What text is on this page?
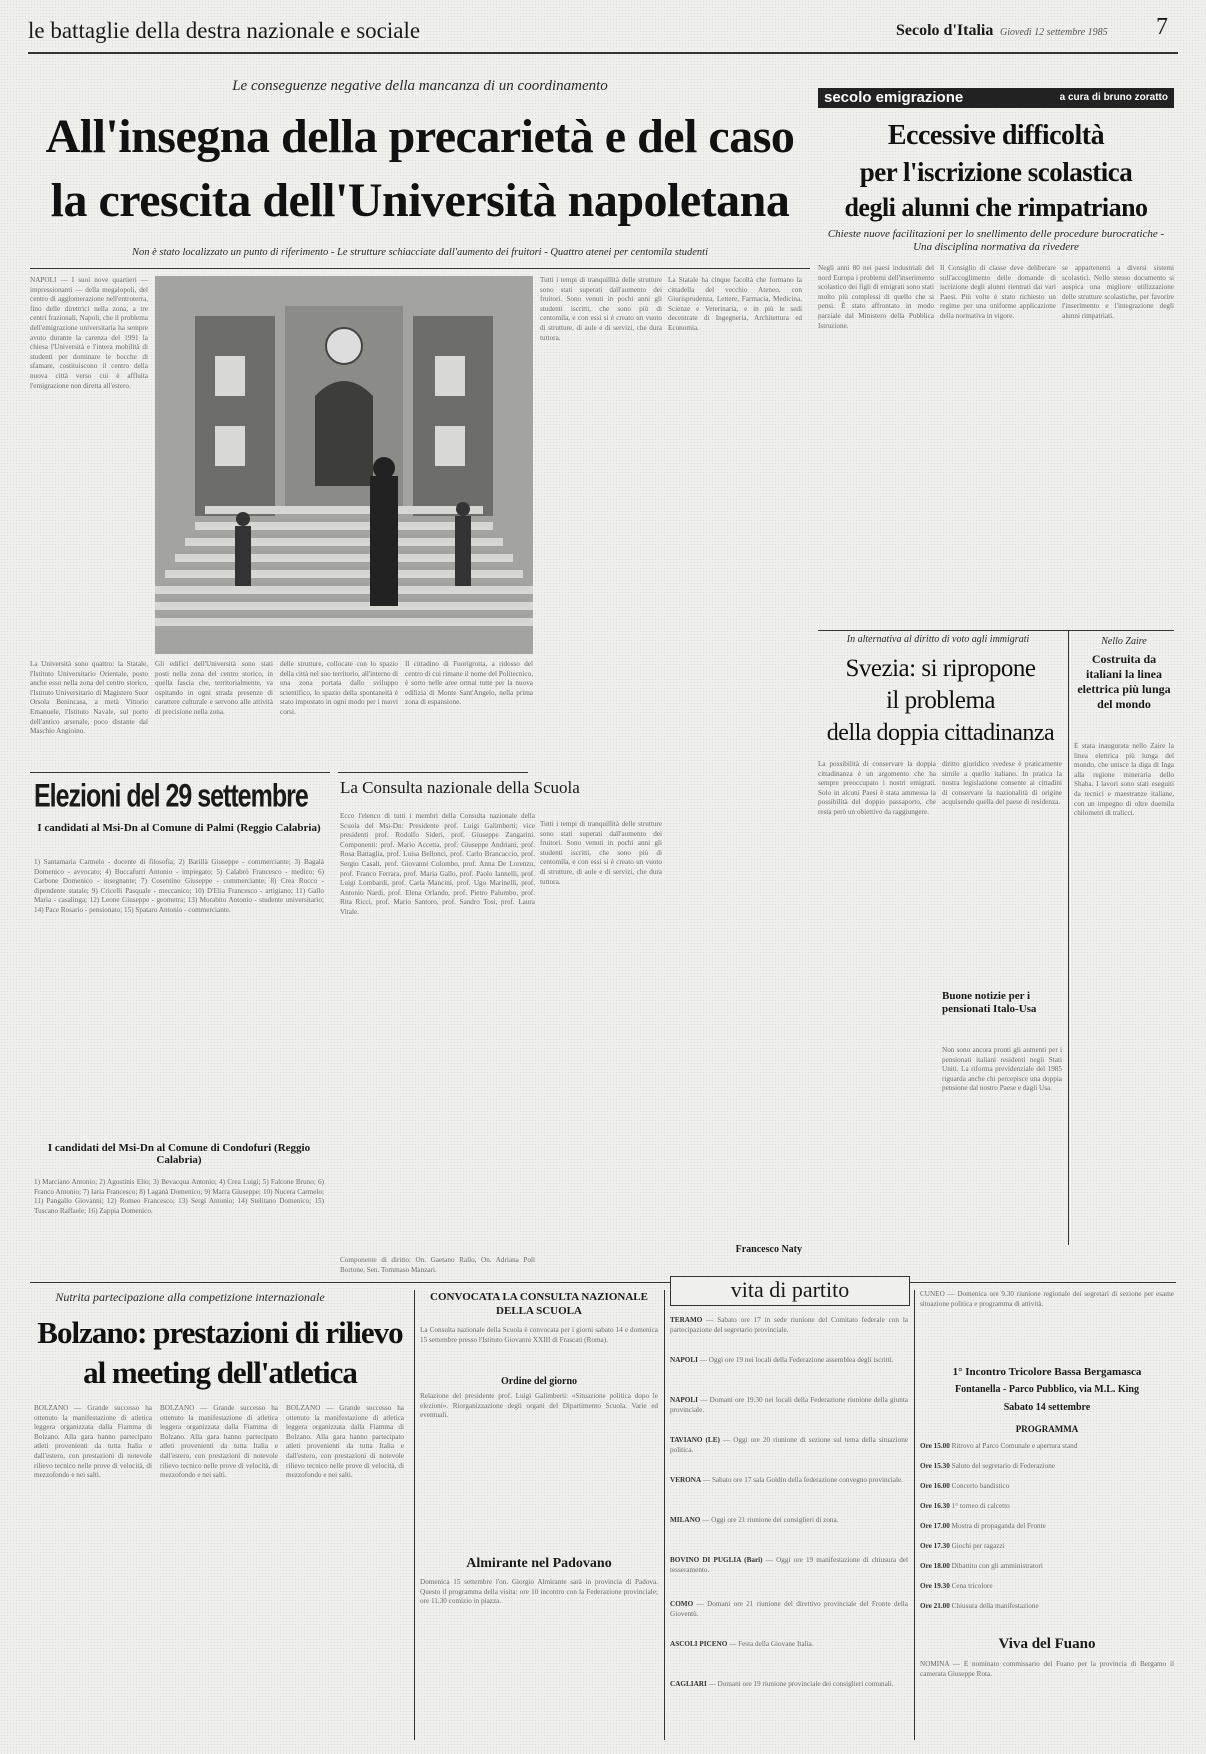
le battaglie della destra nazionale e sociale	Secolo d'Italia Giovedì 12 settembre 1985	7
Le conseguenze negative della mancanza di un coordinamento
All'insegna della precarietà e del caso
la crescita dell'Università napoletana
Non è stato localizzato un punto di riferimento - Le strutture schiacciate dall'aumento dei fruitori - Quattro atenei per centomila studenti
NAPOLI — I suoi nove quartieri — impressionanti — della megalopoli, del centro di agglomerazione nell'entroterra, fino delle direttrici nella zona, a tre centri frazionali, Napoli, che il problema dell'emigrazione universitaria ha sempre avuto durante la carenza del 1991 la chiesa l'Università e l'intera mobilità di studenti per dominare le bocche di sfamare, costituiscono il centro della nuova città verso cui è affluita l'emigrazione non diretta all'estero.
La Università sono quattro: la Statale, l'Istituto Universitario Orientale, posto anche esso nella zona del centro storico, l'Istituto Universitario di Magistero Suor Orsola Benincasa, a metà Vittorio Emanuele, l'Istituto Navale, sul porto dell'antico arsenale, poco distante dal Maschio Angioino.
Tutti i tempi di tranquillità delle strutture sono stati superati dall'aumento dei fruitori. Sono venuti in pochi anni gli studenti iscritti, che sono più di centomila, e con essi si è creato un vuoto di strutture, di aule e di servizi, che dura tuttora.
La Statale ha cinque facoltà che formano la cittadella del vecchio Ateneo, con Giurisprudenza, Lettere, Farmacia, Medicina, Scienze e Veterinaria, e in più le sedi decentrate di Ingegneria, Architettura ed Economia.
Tutti i tempi di tranquillità delle strutture sono stati superati dall'aumento dei fruitori. Sono venuti in pochi anni gli studenti iscritti, che sono più di centomila, e con essi si è creato un vuoto di strutture, di aule e di servizi, che dura tuttora.
Gli edifici dell'Università sono stati posti nella zona del centro storico, in quella fascia che, territorialmente, va ospitando in ogni strada presenze di carattere culturale e servono alle attività di precisione nella zona.
delle strutture, collocate con lo spazio della città nel suo territorio, all'interno di una zona portata dallo sviluppo scientifico, lo spazio della spontaneità è stato impostato in ogni modo per i nuovi corsi.
Il cittadino di Fuorigrotta, a ridosso del centro di cui rimane il nome del Politecnico, è sorto nelle aree ormai tutte per la nuova edilizia di Monte Sant'Angelo, nella prima zona di espansione.
Francesco Naty
Elezioni del 29 settembre
I candidati al Msi-Dn al Comune di Palmi (Reggio Calabria)
1) Santamaria Carmelo - docente di filosofia; 2) Barillà Giuseppe - commerciante; 3) Bagalà Domenico - avvocato; 4) Buccafurri Antonio - impiegato; 5) Calabrò Francesco - medico; 6) Carbone Domenico - insegnante; 7) Cosentino Giuseppe - commerciante; 8) Crea Rocco - dipendente statale; 9) Cricelli Pasquale - meccanico; 10) D'Elia Francesco - artigiano; 11) Gallo Maria - casalinga; 12) Leone Giuseppe - geometra; 13) Morabito Antonio - studente universitario; 14) Pace Rosario - pensionato; 15) Spataro Antonio - commerciante.
I candidati del Msi-Dn al Comune di Condofuri (Reggio Calabria)
1) Marciano Antonio; 2) Agostinis Elio; 3) Bevacqua Antonio; 4) Crea Luigi; 5) Falcone Bruno; 6) Franco Antonio; 7) Iaria Francesco; 8) Laganà Domenico; 9) Marra Giuseppe; 10) Nucera Carmelo; 11) Pangallo Giovanni; 12) Romeo Francesco; 13) Sergi Antonio; 14) Stelitano Domenico; 15) Tuscano Raffaele; 16) Zappia Domenico.
La Consulta nazionale della Scuola
Ecco l'elenco di tutti i membri della Consulta nazionale della Scuola del Msi-Dn: Presidente prof. Luigi Galimberti; vice presidenti prof. Rodolfo Sideri, prof. Giuseppe Zangarini. Componenti: prof. Mario Accetta, prof. Giuseppe Andriani, prof. Rosa Battaglia, prof. Luisa Bellonci, prof. Carlo Brancaccio, prof. Sergio Casali, prof. Giovanni Colombo, prof. Anna De Lorenzo, prof. Franco Ferrara, prof. Maria Gallo, prof. Paolo Iannelli, prof. Luigi Lombardi, prof. Carla Mancini, prof. Ugo Marinelli, prof. Antonio Nardi, prof. Elena Orlando, prof. Pietro Palumbo, prof. Rita Ricci, prof. Mario Santoro, prof. Sandro Tosi, prof. Laura Vitale.
Componente di diritto: On. Gaetano Rallo, On. Adriana Poli Bortone, Sen. Tommaso Manzari.
secolo emigrazione	a cura di bruno zoratto
Eccessive difficoltà
per l'iscrizione scolastica
degli alunni che rimpatriano
Chieste nuove facilitazioni per lo snellimento delle procedure burocratiche - Una disciplina normativa da rivedere
Negli anni 80 nei paesi industriali del nord Europa i problemi dell'inserimento scolastico dei figli di emigrati sono stati molto più complessi di quello che si pensi. È stato affrontato in modo parziale dal Ministero della Pubblica Istruzione.
Il Consiglio di classe deve deliberare sull'accoglimento delle domande di iscrizione degli alunni rientrati dai vari Paesi. Più volte è stato richiesto un regime per una uniforme applicazione della normativa in vigore.
se appartenenti a diversi sistemi scolastici. Nello stesso documento si auspica una migliore utilizzazione delle strutture scolastiche, per favorire l'inserimento e l'integrazione degli alunni rimpatriati.
In alternativa al diritto di voto agli immigrati
Svezia: si ripropone
il problema
della doppia cittadinanza
La possibilità di conservare la doppia cittadinanza è un argomento che ha sempre preoccupato i nostri emigrati. Solo in alcuni Paesi è stata ammessa la possibilità del doppio passaporto, che resta però un obiettivo da raggiungere.
diritto giuridico svedese è praticamente simile a quello italiano. In pratica la nostra legislazione consente ai cittadini di conservare la nazionalità di origine acquisendo quella del paese di residenza.
Buone notizie per i pensionati Italo-Usa
Non sono ancora pronti gli aumenti per i pensionati italiani residenti negli Stati Uniti. La riforma previdenziale del 1985 riguarda anche chi percepisce una doppia pensione dal nostro Paese e dagli Usa.
Nello Zaire
Costruita da italiani la linea elettrica più lunga del mondo
È stata inaugurata nello Zaire la linea elettrica più lunga del mondo, che unisce la diga di Inga alla regione mineraria dello Shaba. I lavori sono stati eseguiti da tecnici e maestranze italiane, con un impegno di oltre duemila chilometri di tralicci.
Nutrita partecipazione alla competizione internazionale
Bolzano: prestazioni di rilievo
al meeting dell'atletica
BOLZANO — Grande successo ha ottenuto la manifestazione di atletica leggera organizzata dalla Fiamma di Bolzano. Alla gara hanno partecipato atleti provenienti da tutta Italia e dall'estero, con prestazioni di notevole rilievo tecnico nelle prove di velocità, di mezzofondo e nei salti.
BOLZANO — Grande successo ha ottenuto la manifestazione di atletica leggera organizzata dalla Fiamma di Bolzano. Alla gara hanno partecipato atleti provenienti da tutta Italia e dall'estero, con prestazioni di notevole rilievo tecnico nelle prove di velocità, di mezzofondo e nei salti.
BOLZANO — Grande successo ha ottenuto la manifestazione di atletica leggera organizzata dalla Fiamma di Bolzano. Alla gara hanno partecipato atleti provenienti da tutta Italia e dall'estero, con prestazioni di notevole rilievo tecnico nelle prove di velocità, di mezzofondo e nei salti.
CONVOCATA LA CONSULTA NAZIONALE DELLA SCUOLA
La Consulta nazionale della Scuola è convocata per i giorni sabato 14 e domenica 15 settembre presso l'Istituto Giovanni XXIII di Frascati (Roma).
Ordine del giorno
Relazione del presidente prof. Luigi Galimberti: «Situazione politica dopo le elezioni». Riorganizzazione degli organi del Dipartimento Scuola. Varie ed eventuali.
Almirante nel Padovano
Domenica 15 settembre l'on. Giorgio Almirante sarà in provincia di Padova. Questo il programma della visita: ore 10 incontro con la Federazione provinciale; ore 11.30 comizio in piazza.
vita di partito
TERAMO — Sabato ore 17 in sede riunione del Comitato federale con la partecipazione del segretario provinciale.
NAPOLI — Oggi ore 19 nei locali della Federazione assemblea degli iscritti.
NAPOLI — Domani ore 19.30 nei locali della Federazione riunione della giunta provinciale.
TAVIANO (LE) — Oggi ore 20 riunione di sezione sul tema della situazione politica.
VERONA — Sabato ore 17 sala Goldin della federazione convegno provinciale.
MILANO — Oggi ore 21 riunione dei consiglieri di zona.
BOVINO DI PUGLIA (Bari) — Oggi ore 19 manifestazione di chiusura del tesseramento.
COMO — Domani ore 21 riunione del direttivo provinciale del Fronte della Gioventù.
ASCOLI PICENO — Festa della Giovane Italia.
CAGLIARI — Domani ore 19 riunione provinciale dei consiglieri comunali.
CUNEO — Domenica ore 9.30 riunione regionale dei segretari di sezione per esame situazione politica e programma di attività.
1° Incontro Tricolore Bassa Bergamasca
Fontanella - Parco Pubblico, via M.L. King
Sabato 14 settembre
PROGRAMMA
Ore 15.00 Ritrovo al Parco Comunale e apertura stand
Ore 15.30 Saluto del segretario di Federazione
Ore 16.00 Concerto bandistico
Ore 16.30 1° torneo di calcetto
Ore 17.00 Mostra di propaganda del Fronte
Ore 17.30 Giochi per ragazzi
Ore 18.00 Dibattito con gli amministratori
Ore 19.30 Cena tricolore
Ore 21.00 Chiusura della manifestazione
Viva del Fuano
NOMINA — È nominato commissario del Fuano per la provincia di Bergamo il camerata Giuseppe Rota.
